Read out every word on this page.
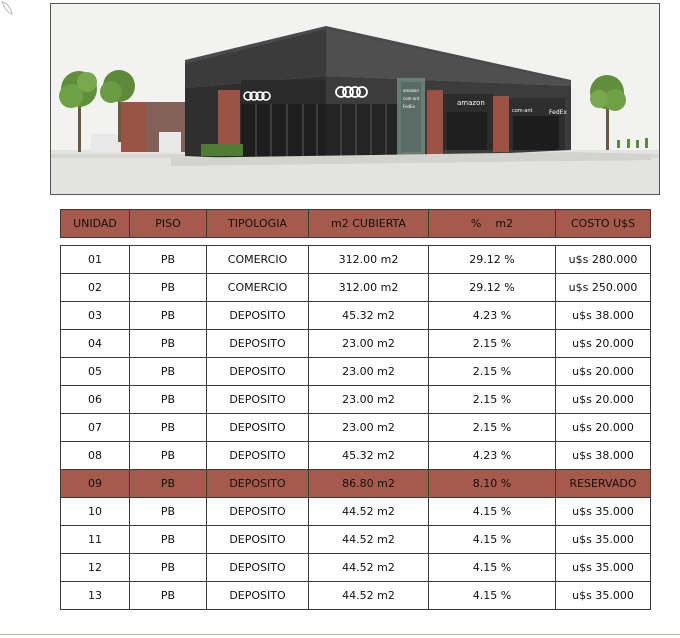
amazon
com·ant
FedEx	amazon
com·ant	FedEx
UNIDAD	PISO	TIPOLOGIA	m2 CUBIERTA	%    m2	COSTO U$S

01	PB	COMERCIO	312.00 m2	29.12 %	u$s 280.000
02	PB	COMERCIO	312.00 m2	29.12 %	u$s 250.000
03	PB	DEPOSITO	45.32 m2	4.23 %	u$s 38.000
04	PB	DEPOSITO	23.00 m2	2.15 %	u$s 20.000
05	PB	DEPOSITO	23.00 m2	2.15 %	u$s 20.000
06	PB	DEPOSITO	23.00 m2	2.15 %	u$s 20.000
07	PB	DEPOSITO	23.00 m2	2.15 %	u$s 20.000
08	PB	DEPOSITO	45.32 m2	4.23 %	u$s 38.000
09	PB	DEPOSITO	86.80 m2	8.10 %	RESERVADO
10	PB	DEPOSITO	44.52 m2	4.15 %	u$s 35.000
11	PB	DEPOSITO	44.52 m2	4.15 %	u$s 35.000
12	PB	DEPOSITO	44.52 m2	4.15 %	u$s 35.000
13	PB	DEPOSITO	44.52 m2	4.15 %	u$s 35.000
